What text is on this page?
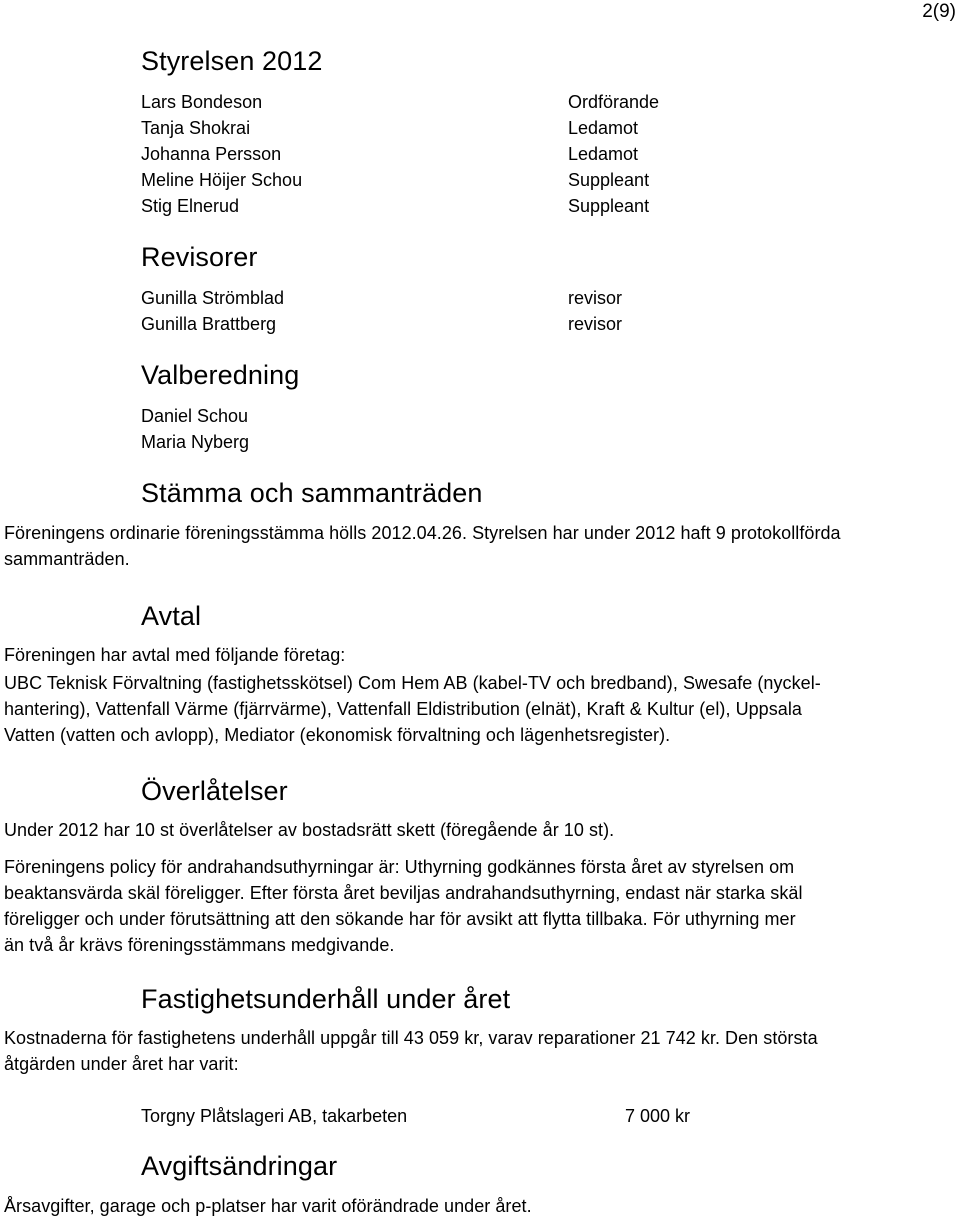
2(9)
Styrelsen 2012
Lars Bondeson	Ordförande
Tanja Shokrai	Ledamot
Johanna Persson	Ledamot
Meline Höijer Schou	Suppleant
Stig Elnerud	Suppleant
Revisorer
Gunilla Strömblad	revisor
Gunilla Brattberg	revisor
Valberedning
Daniel Schou
Maria Nyberg
Stämma och sammanträden
Föreningens ordinarie föreningsstämma hölls 2012.04.26. Styrelsen har under 2012 haft 9 protokollförda
sammanträden.
Avtal
Föreningen har avtal med följande företag:
UBC Teknisk Förvaltning (fastighetsskötsel) Com Hem AB (kabel-TV och bredband), Swesafe (nyckel-
hantering), Vattenfall Värme (fjärrvärme), Vattenfall Eldistribution (elnät), Kraft & Kultur (el), Uppsala
Vatten (vatten och avlopp), Mediator (ekonomisk förvaltning och lägenhetsregister).
Överlåtelser
Under 2012 har 10 st överlåtelser av bostadsrätt skett (föregående år 10 st).
Föreningens policy för andrahandsuthyrningar är: Uthyrning godkännes första året av styrelsen om
beaktansvärda skäl föreligger. Efter första året beviljas andrahandsuthyrning, endast när starka skäl
föreligger och under förutsättning att den sökande har för avsikt att flytta tillbaka. För uthyrning mer
än två år krävs föreningsstämmans medgivande.
Fastighetsunderhåll under året
Kostnaderna för fastighetens underhåll uppgår till 43 059 kr, varav reparationer 21 742 kr. Den största
åtgärden under året har varit:
Torgny Plåtslageri AB, takarbeten	7 000 kr
Avgiftsändringar
Årsavgifter, garage och p-platser har varit oförändrade under året.
